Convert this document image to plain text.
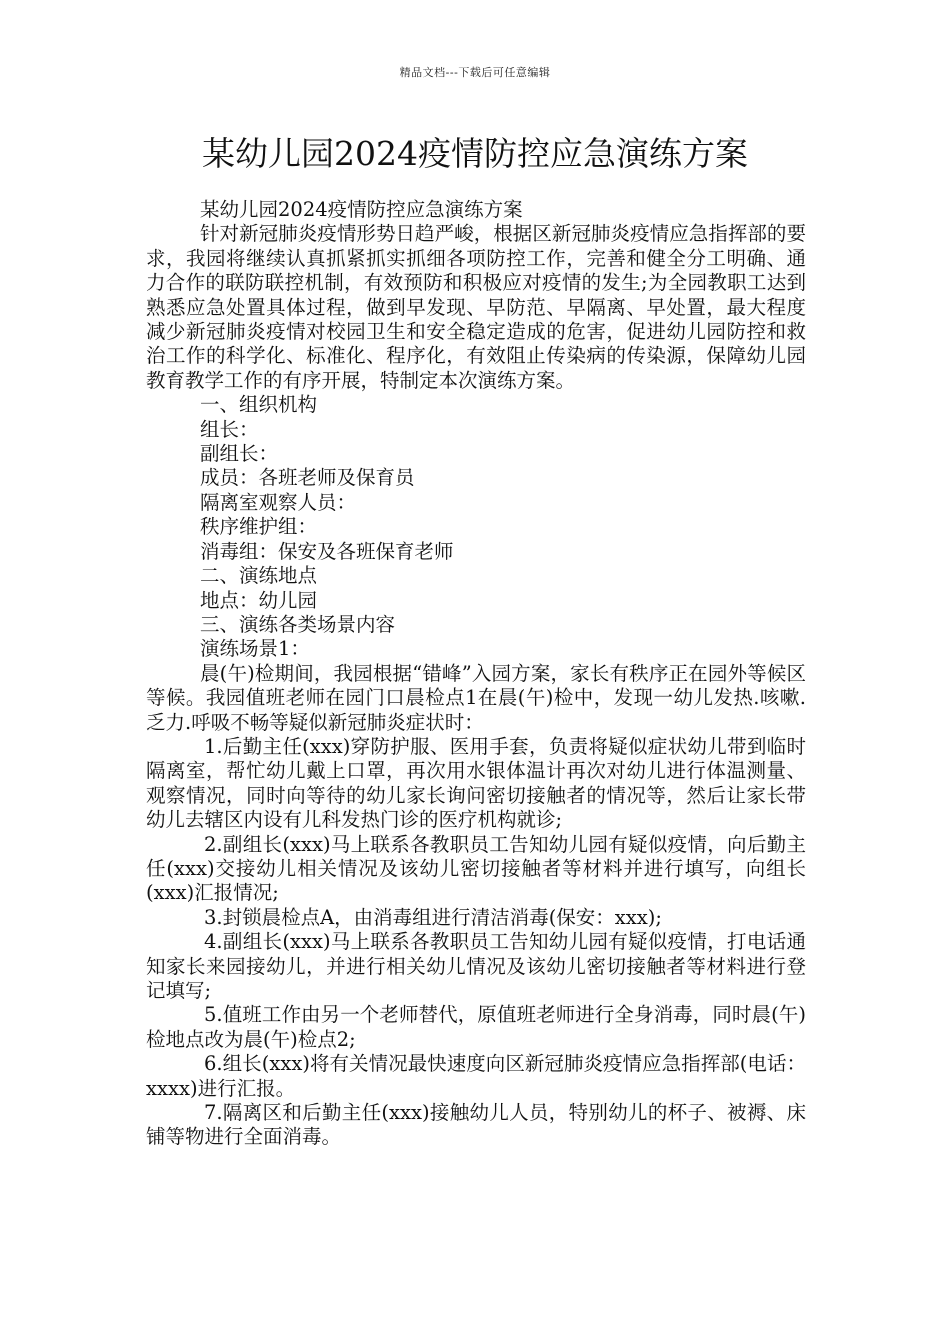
精品文档---下载后可任意编辑
某幼儿园2024疫情防控应急演练方案

某幼儿园2024疫情防控应急演练方案

针对新冠肺炎疫情形势日趋严峻，根据区新冠肺炎疫情应急指挥部的要求，我园将继续认真抓紧抓实抓细各项防控工作，完善和健全分工明确、通力合作的联防联控机制，有效预防和积极应对疫情的发生;为全园教职工达到熟悉应急处置具体过程，做到早发现、早防范、早隔离、早处置，最大程度减少新冠肺炎疫情对校园卫生和安全稳定造成的危害，促进幼儿园防控和救治工作的科学化、标准化、程序化，有效阻止传染病的传染源，保障幼儿园教育教学工作的有序开展，特制定本次演练方案。

一、组织机构

组长：

副组长：

成员：各班老师及保育员

隔离室观察人员：

秩序维护组：

消毒组：保安及各班保育老师

二、演练地点

地点：幼儿园

三、演练各类场景内容

演练场景1：

晨(午)检期间，我园根据“错峰”入园方案，家长有秩序正在园外等候区等候。我园值班老师在园门口晨检点1在晨(午)检中，发现一幼儿发热.咳嗽.乏力.呼吸不畅等疑似新冠肺炎症状时：

1.后勤主任(xxx)穿防护服、医用手套，负责将疑似症状幼儿带到临时隔离室，帮忙幼儿戴上口罩，再次用水银体温计再次对幼儿进行体温测量、观察情况，同时向等待的幼儿家长询问密切接触者的情况等，然后让家长带幼儿去辖区内设有儿科发热门诊的医疗机构就诊;

2.副组长(xxx)马上联系各教职员工告知幼儿园有疑似疫情，向后勤主任(xxx)交接幼儿相关情况及该幼儿密切接触者等材料并进行填写，向组长(xxx)汇报情况;

3.封锁晨检点A，由消毒组进行清洁消毒(保安：xxx);

4.副组长(xxx)马上联系各教职员工告知幼儿园有疑似疫情，打电话通知家长来园接幼儿，并进行相关幼儿情况及该幼儿密切接触者等材料进行登记填写;

5.值班工作由另一个老师替代，原值班老师进行全身消毒，同时晨(午)检地点改为晨(午)检点2;

6.组长(xxx)将有关情况最快速度向区新冠肺炎疫情应急指挥部(电话：xxxx)进行汇报。

7.隔离区和后勤主任(xxx)接触幼儿人员，特别幼儿的杯子、被褥、床铺等物进行全面消毒。
